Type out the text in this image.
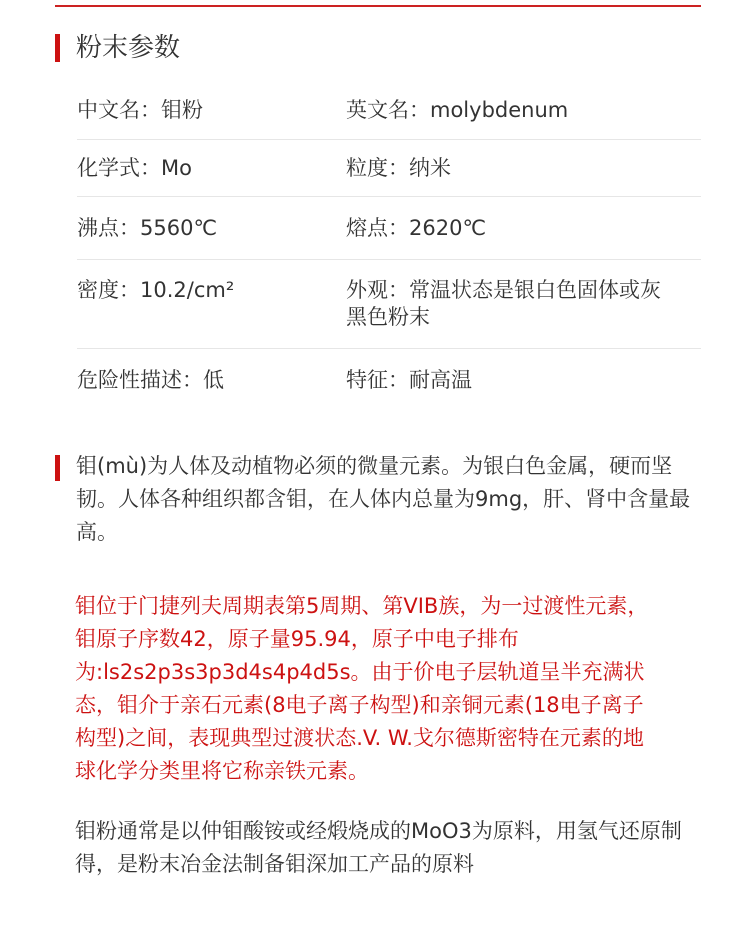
粉末参数
中文名：钼粉	英文名：molybdenum
化学式：Mo	粒度：纳米
沸点：5560℃	熔点：2620℃
密度：10.2/cm²	外观：常温状态是银白色固体或灰黑色粉末
危险性描述：低	特征：耐高温
钼(mù)为人体及动植物必须的微量元素。为银白色金属，硬而坚韧。人体各种组织都含钼，在人体内总量为9mg，肝、肾中含量最高。
钼位于门捷列夫周期表第5周期、第VIB族，为一过渡性元素，钼原子序数42，原子量95.94，原子中电子排布为:ls2s2p3s3p3d4s4p4d5s。由于价电子层轨道呈半充满状态，钼介于亲石元素(8电子离子构型)和亲铜元素(18电子离子构型)之间，表现典型过渡状态.V. W.戈尔德斯密特在元素的地球化学分类里将它称亲铁元素。
钼粉通常是以仲钼酸铵或经煅烧成的MoO3为原料，用氢气还原制得，是粉末冶金法制备钼深加工产品的原料
